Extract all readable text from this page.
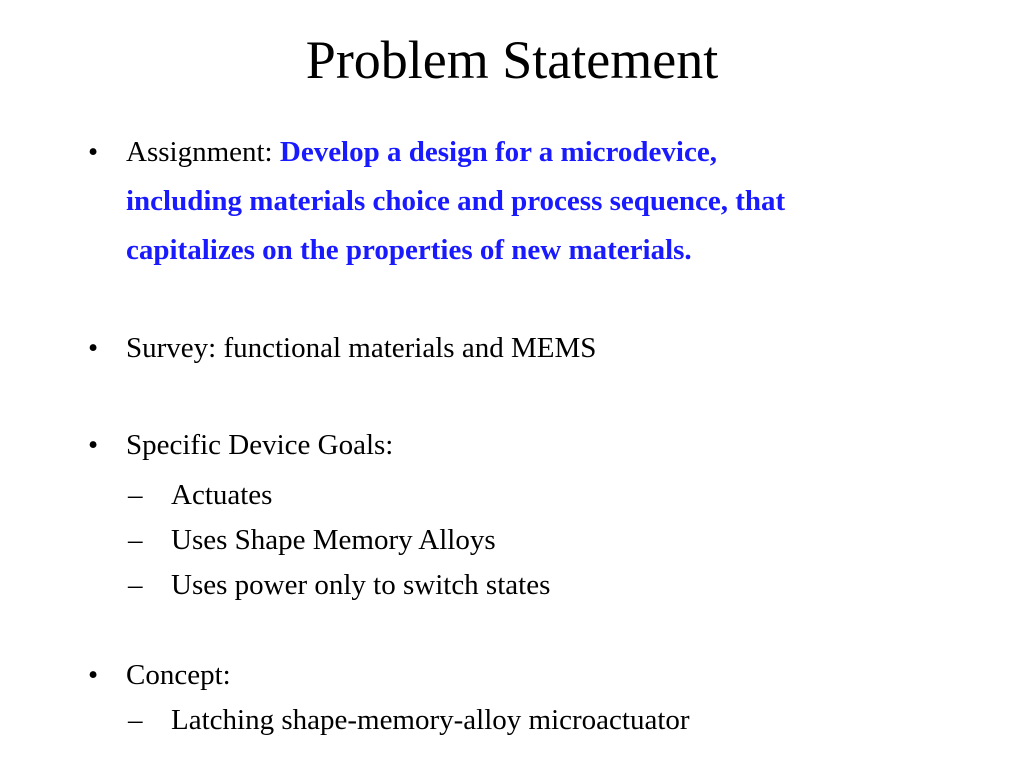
Problem Statement
• Assignment: Develop a design for a microdevice,
including materials choice and process sequence, that
capitalizes on the properties of new materials.
• Survey: functional materials and MEMS
• Specific Device Goals:
– Actuates
– Uses Shape Memory Alloys
– Uses power only to switch states
• Concept:
– Latching shape-memory-alloy microactuator
